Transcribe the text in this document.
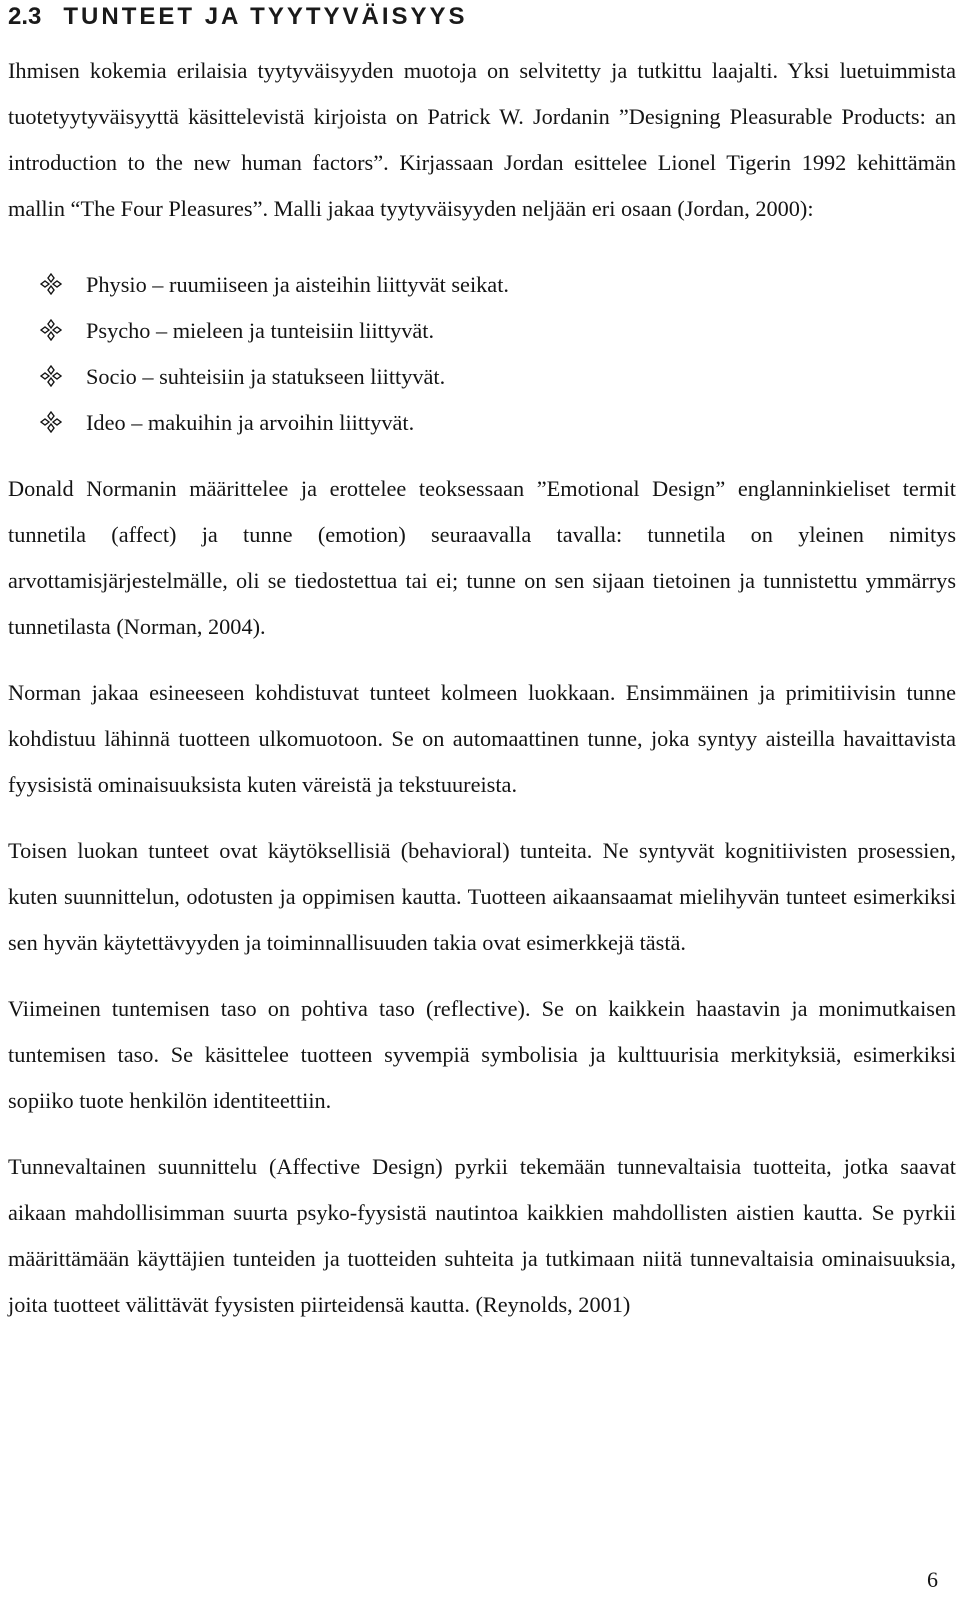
2.3 TUNTEET JA TYYTYVÄISYYS

Ihmisen kokemia erilaisia tyytyväisyyden muotoja on selvitetty ja tutkittu laajalti. Yksi luetuimmista tuotetyytyväisyyttä käsittelevistä kirjoista on Patrick W. Jordanin ”Designing Pleasurable Products: an introduction to the new human factors”. Kirjassaan Jordan esittelee Lionel Tigerin 1992 kehittämän mallin “The Four Pleasures”. Malli jakaa tyytyväisyyden neljään eri osaan (Jordan, 2000):

Physio – ruumiiseen ja aisteihin liittyvät seikat.
Psycho – mieleen ja tunteisiin liittyvät.
Socio – suhteisiin ja statukseen liittyvät.
Ideo – makuihin ja arvoihin liittyvät.

Donald Normanin määrittelee ja erottelee teoksessaan ”Emotional Design” englanninkieliset termit tunnetila (affect) ja tunne (emotion) seuraavalla tavalla: tunnetila on yleinen nimitys arvottamisjärjestelmälle, oli se tiedostettua tai ei; tunne on sen sijaan tietoinen ja tunnistettu ymmärrys tunnetilasta (Norman, 2004).

Norman jakaa esineeseen kohdistuvat tunteet kolmeen luokkaan. Ensimmäinen ja primitiivisin tunne kohdistuu lähinnä tuotteen ulkomuotoon. Se on automaattinen tunne, joka syntyy aisteilla havaittavista fyysisistä ominaisuuksista kuten väreistä ja tekstuureista.

Toisen luokan tunteet ovat käytöksellisiä (behavioral) tunteita. Ne syntyvät kognitiivisten prosessien, kuten suunnittelun, odotusten ja oppimisen kautta. Tuotteen aikaansaamat mielihyvän tunteet esimerkiksi sen hyvän käytettävyyden ja toiminnallisuuden takia ovat esimerkkejä tästä.

Viimeinen tuntemisen taso on pohtiva taso (reflective). Se on kaikkein haastavin ja monimutkaisen tuntemisen taso. Se käsittelee tuotteen syvempiä symbolisia ja kulttuurisia merkityksiä, esimerkiksi sopiiko tuote henkilön identiteettiin.

Tunnevaltainen suunnittelu (Affective Design) pyrkii tekemään tunnevaltaisia tuotteita, jotka saavat aikaan mahdollisimman suurta psyko-fyysistä nautintoa kaikkien mahdollisten aistien kautta. Se pyrkii määrittämään käyttäjien tunteiden ja tuotteiden suhteita ja tutkimaan niitä tunnevaltaisia ominaisuuksia, joita tuotteet välittävät fyysisten piirteidensä kautta. (Reynolds, 2001)

6
